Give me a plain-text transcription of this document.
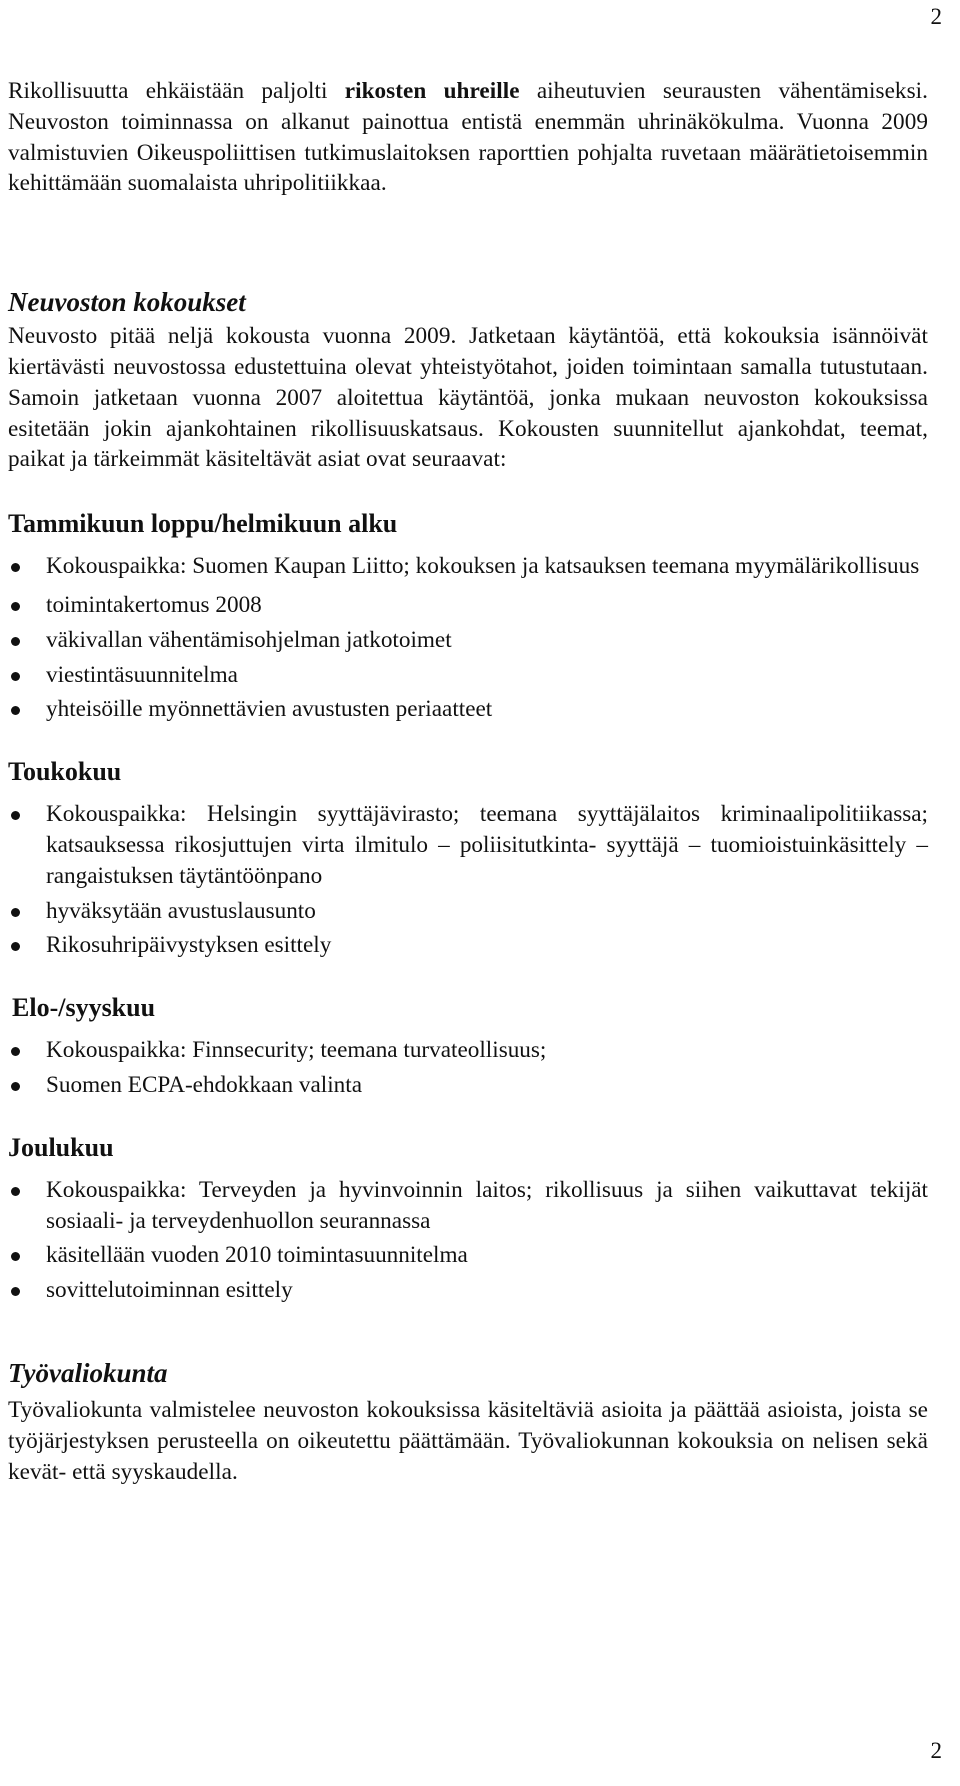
2

Rikollisuutta ehkäistään paljolti rikosten uhreille aiheutuvien seurausten vähentämiseksi. Neuvoston toiminnassa on alkanut painottua entistä enemmän uhrinäkökulma. Vuonna 2009 valmistuvien Oikeuspoliittisen tutkimuslaitoksen raporttien pohjalta ruvetaan määrätietoisemmin kehittämään suomalaista uhripolitiikkaa.

Neuvoston kokoukset

Neuvosto pitää neljä kokousta vuonna 2009. Jatketaan käytäntöä, että kokouksia isännöivät kiertävästi neuvostossa edustettuina olevat yhteistyötahot, joiden toimintaan samalla tutustutaan. Samoin jatketaan vuonna 2007 aloitettua käytäntöä, jonka mukaan neuvoston kokouksissa esitetään jokin ajankohtainen rikollisuuskatsaus. Kokousten suunnitellut ajankohdat, teemat, paikat ja tärkeimmät käsiteltävät asiat ovat seuraavat:

Tammikuun loppu/helmikuun alku
Kokouspaikka: Suomen Kaupan Liitto; kokouksen ja katsauksen teemana myymälärikollisuus
toimintakertomus 2008
väkivallan vähentämisohjelman jatkotoimet
viestintäsuunnitelma
yhteisöille myönnettävien avustusten periaatteet
Toukokuu
Kokouspaikka: Helsingin syyttäjävirasto; teemana syyttäjälaitos kriminaalipolitiikassa; katsauksessa rikosjuttujen virta ilmitulo – poliisitutkinta- syyttäjä – tuomioistuinkäsittely – rangaistuksen täytäntöönpano
hyväksytään avustuslausunto
Rikosuhripäivystyksen esittely
Elo-/syyskuu
Kokouspaikka: Finnsecurity; teemana turvateollisuus;
Suomen ECPA-ehdokkaan valinta
Joulukuu
Kokouspaikka: Terveyden ja hyvinvoinnin laitos; rikollisuus ja siihen vaikuttavat tekijät sosiaali- ja terveydenhuollon seurannassa
käsitellään vuoden 2010 toimintasuunnitelma
sovittelutoiminnan esittely
Työvaliokunta

Työvaliokunta valmistelee neuvoston kokouksissa käsiteltäviä asioita ja päättää asioista, joista se työjärjestyksen perusteella on oikeutettu päättämään. Työvaliokunnan kokouksia on nelisen sekä kevät- että syyskaudella.

2
